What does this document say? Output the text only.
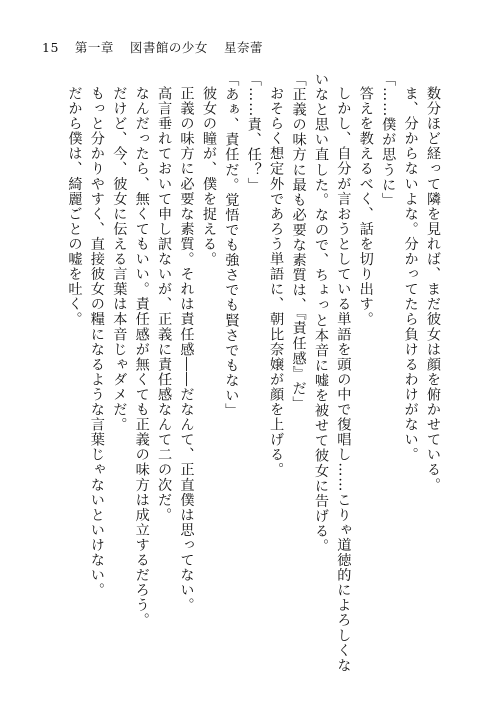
15 第一章 図書館の少女 星奈蕾
数分ほど経って隣を見れば、まだ彼女は顔を俯かせている。
ま、分からないよな。分かってたら負けるわけがない。
「……僕が思うに」
答えを教えるべく、話を切り出す。
しかし、自分が言おうとしている単語を頭の中で復唱し……こりゃ道徳的によろしくな
いなと思い直した。なので、ちょっと本音に嘘を被せて彼女に告げる。
「正義の味方に最も必要な素質は、『責任感』だ」
おそらく想定外であろう単語に、朝比奈嬢が顔を上げる。
「……責、任？」
「あぁ、責任だ。覚悟でも強さでも賢さでもない」
彼女の瞳が、僕を捉える。
正義の味方に必要な素質。それは責任感――だなんて、正直僕は思ってない。
高言垂れておいて申し訳ないが、正義に責任感なんて二の次だ。
なんだったら、無くてもいい。責任感が無くても正義の味方は成立するだろう。
だけど、今、彼女に伝える言葉は本音じゃダメだ。
もっと分かりやすく、直接彼女の糧になるような言葉じゃないといけない。
だから僕は、綺麗ごとの嘘を吐く。
